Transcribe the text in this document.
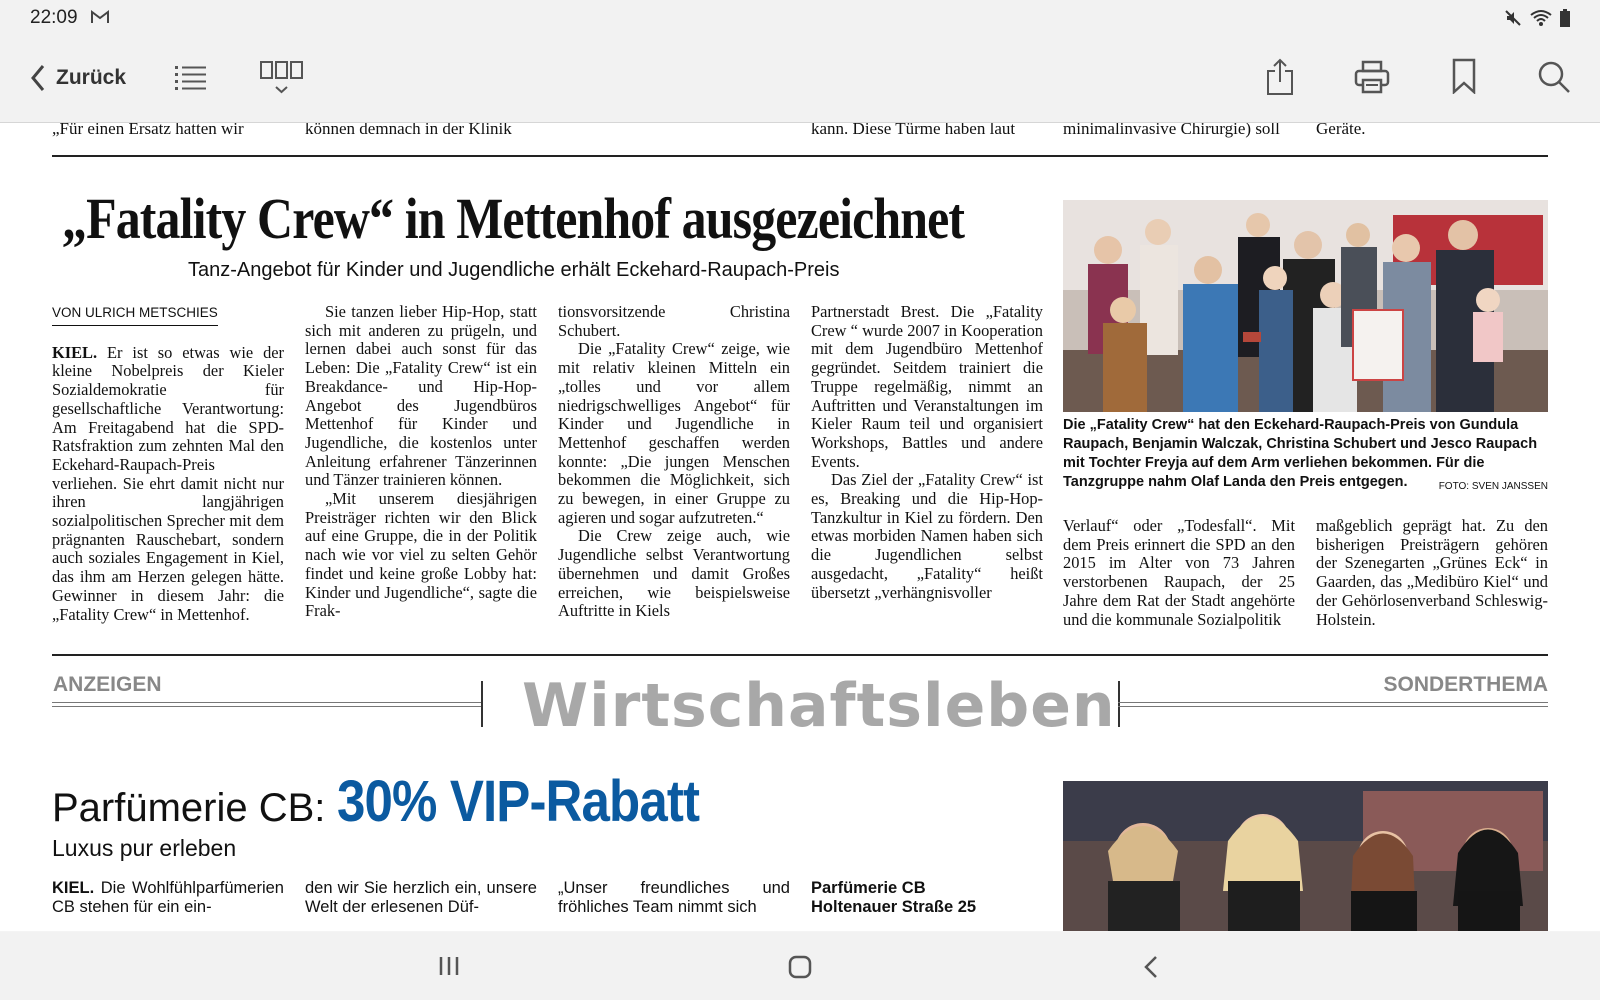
22:09
Zurück
„Für einen Ersatz hatten wir	können demnach in der Klinik	kann. Diese Türme haben laut	minimalinvasive Chirurgie) soll Geräte.
„Fatality Crew“ in Mettenhof ausgezeichnet
Tanz-Angebot für Kinder und Jugendliche erhält Eckehard-Raupach-Preis
VON ULRICH METSCHIES

KIEL. Er ist so etwas wie der kleine Nobelpreis der Kieler Sozialdemokratie für gesellschaftliche Verantwortung: Am Freitagabend hat die SPD-Ratsfraktion zum zehnten Mal den Eckehard-Raupach-Preis verliehen. Sie ehrt damit nicht nur ihren langjährigen sozialpolitischen Sprecher mit dem prägnanten Rauschebart, sondern auch soziales Engagement in Kiel, das ihm am Herzen gelegen hätte. Gewinner in diesem Jahr: die „Fatality Crew“ in Mettenhof.

Sie tanzen lieber Hip-Hop, statt sich mit anderen zu prügeln, und lernen dabei auch sonst für das Leben: Die „Fatality Crew“ ist ein Breakdance- und Hip-Hop-Angebot des Jugendbüros Mettenhof für Kinder und Jugendliche, die kostenlos unter Anleitung erfahrener Tänzerinnen und Tänzer trainieren können.

„Mit unserem diesjährigen Preisträger richten wir den Blick auf eine Gruppe, die in der Politik nach wie vor viel zu selten Gehör findet und keine große Lobby hat: Kinder und Jugendliche“, sagte die Frak-

tionsvorsitzende Christina Schubert.

Die „Fatality Crew“ zeige, wie mit relativ kleinen Mitteln ein „tolles und vor allem niedrigschwelliges Angebot“ für Kinder und Jugendliche in Mettenhof geschaffen werden konnte: „Die jungen Menschen bekommen die Möglichkeit, sich zu bewegen, in einer Gruppe zu agieren und sogar aufzutreten.“

Die Crew zeige auch, wie Jugendliche selbst Verantwortung übernehmen und damit Großes erreichen, wie beispielsweise Auftritte in Kiels

Partnerstadt Brest. Die „Fatality Crew “ wurde 2007 in Kooperation mit dem Jugendbüro Mettenhof gegründet. Seitdem trainiert die Truppe regelmäßig, nimmt an Auftritten und Veranstaltungen im Kieler Raum teil und organisiert Workshops, Battles und andere Events.

Das Ziel der „Fatality Crew“ ist es, Breaking und die Hip-Hop-Tanzkultur in Kiel zu fördern. Den etwas morbiden Namen haben sich die Jugendlichen selbst ausgedacht, „Fatality“ heißt übersetzt „verhängnisvoller

Die „Fatality Crew“ hat den Eckehard-Raupach-Preis von Gundula Raupach, Benjamin Walczak, Christina Schubert und Jesco Raupach mit Tochter Freyja auf dem Arm verliehen bekommen. Für die Tanzgruppe nahm Olaf Landa den Preis entgegen.	FOTO: SVEN JANSSEN
Verlauf“ oder „Todesfall“. Mit dem Preis erinnert die SPD an den 2015 im Alter von 73 Jahren verstorbenen Raupach, der 25 Jahre dem Rat der Stadt angehörte und die kommunale Sozialpolitik
maßgeblich geprägt hat. Zu den bisherigen Preisträgern gehören der Szenegarten „Grünes Eck“ in Gaarden, das „Medibüro Kiel“ und der Gehörlosenverband Schleswig-Holstein.
ANZEIGEN	Wirtschaftsleben	SONDERTHEMA
Parfümerie CB: 30% VIP-Rabatt
Luxus pur erleben
KIEL. Die Wohlfühlparfümerien CB stehen für ein ein-
den wir Sie herzlich ein, unsere Welt der erlesenen Düf-
„Unser freundliches und fröhliches Team nimmt sich
Parfümerie CB
Holtenauer Straße 25
